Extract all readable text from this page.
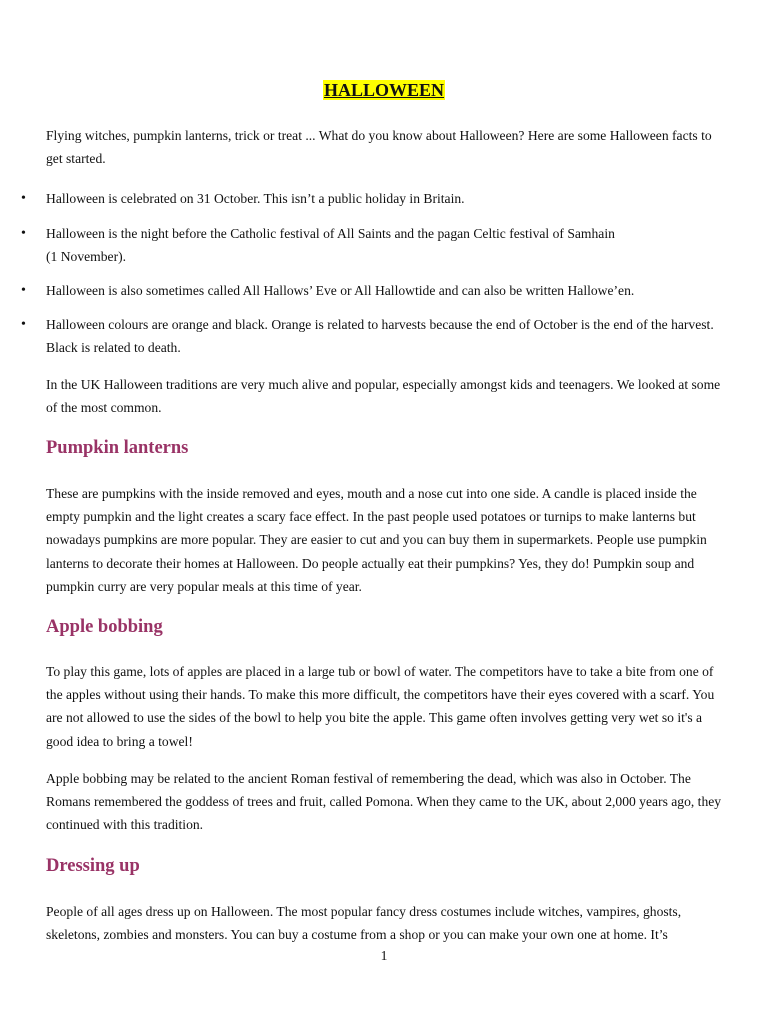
HALLOWEEN

Flying witches, pumpkin lanterns, trick or treat ... What do you know about Halloween? Here are some Halloween facts to get started.

• Halloween is celebrated on 31 October. This isn’t a public holiday in Britain.

• Halloween is the night before the Catholic festival of All Saints and the pagan Celtic festival of Samhain

(1 November).

• Halloween is also sometimes called All Hallows’ Eve or All Hallowtide and can also be written Hallowe’en.

• Halloween colours are orange and black. Orange is related to harvests because the end of October is the end of the harvest. Black is related to death.

In the UK Halloween traditions are very much alive and popular, especially amongst kids and teenagers. We looked at some of the most common.

Pumpkin lanterns

These are pumpkins with the inside removed and eyes, mouth and a nose cut into one side. A candle is placed inside the empty pumpkin and the light creates a scary face effect. In the past people used potatoes or turnips to make lanterns but nowadays pumpkins are more popular. They are easier to cut and you can buy them in supermarkets. People use pumpkin lanterns to decorate their homes at Halloween. Do people actually eat their pumpkins? Yes, they do! Pumpkin soup and pumpkin curry are very popular meals at this time of year.

Apple bobbing

To play this game, lots of apples are placed in a large tub or bowl of water. The competitors have to take a bite from one of the apples without using their hands. To make this more difficult, the competitors have their eyes covered with a scarf. You are not allowed to use the sides of the bowl to help you bite the apple. This game often involves getting very wet so it's a good idea to bring a towel!

Apple bobbing may be related to the ancient Roman festival of remembering the dead, which was also in October. The Romans remembered the goddess of trees and fruit, called Pomona. When they came to the UK, about 2,000 years ago, they continued with this tradition.

Dressing up

People of all ages dress up on Halloween. The most popular fancy dress costumes include witches, vampires, ghosts, skeletons, zombies and monsters. You can buy a costume from a shop or you can make your own one at home. It’s

1
